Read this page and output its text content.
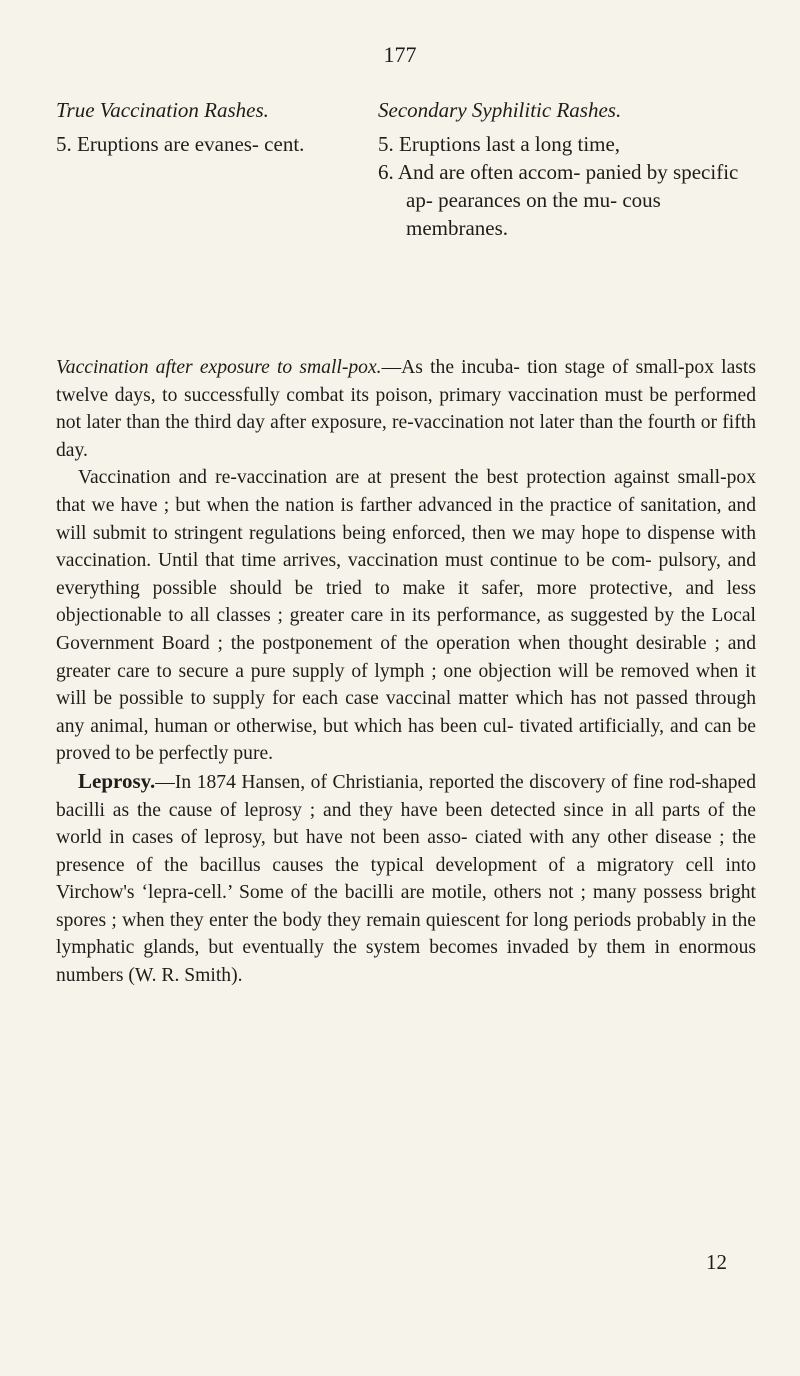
177
True Vaccination Rashes.
5. Eruptions are evanes- cent.
Secondary Syphilitic Rashes.
5. Eruptions last a long time,
6. And are often accom- panied by specific ap- pearances on the mu- cous membranes.

Vaccination after exposure to small-pox.—As the incuba- tion stage of small-pox lasts twelve days, to successfully combat its poison, primary vaccination must be performed not later than the third day after exposure, re-vaccination not later than the fourth or fifth day.

Vaccination and re-vaccination are at present the best protection against small-pox that we have ; but when the nation is farther advanced in the practice of sanitation, and will submit to stringent regulations being enforced, then we may hope to dispense with vaccination. Until that time arrives, vaccination must continue to be com- pulsory, and everything possible should be tried to make it safer, more protective, and less objectionable to all classes ; greater care in its performance, as suggested by the Local Government Board ; the postponement of the operation when thought desirable ; and greater care to secure a pure supply of lymph ; one objection will be removed when it will be possible to supply for each case vaccinal matter which has not passed through any animal, human or otherwise, but which has been cul- tivated artificially, and can be proved to be perfectly pure.

Leprosy.—In 1874 Hansen, of Christiania, reported the discovery of fine rod-shaped bacilli as the cause of leprosy ; and they have been detected since in all parts of the world in cases of leprosy, but have not been asso- ciated with any other disease ; the presence of the bacillus causes the typical development of a migratory cell into Virchow's ‘lepra-cell.’ Some of the bacilli are motile, others not ; many possess bright spores ; when they enter the body they remain quiescent for long periods probably in the lymphatic glands, but eventually the system becomes invaded by them in enormous numbers (W. R. Smith).

12
